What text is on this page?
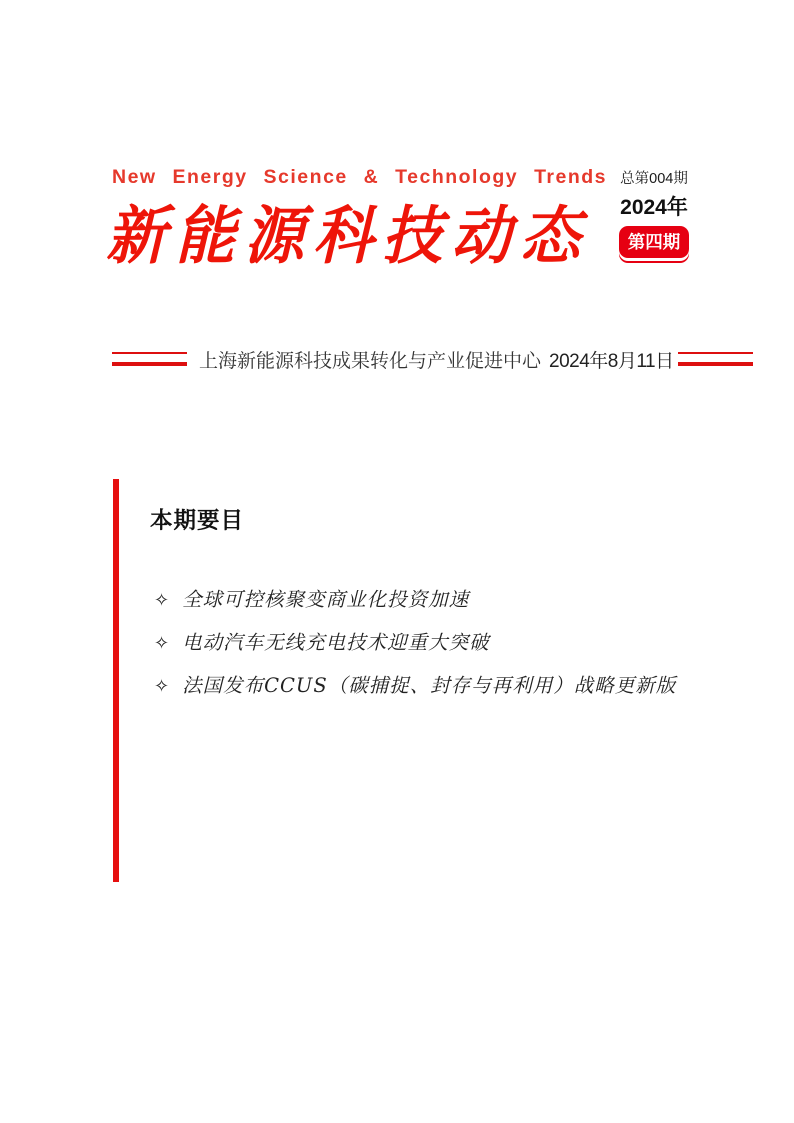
New Energy Science & Technology Trends
新能源科技动态
总第004期
2024年
第四期
上海新能源科技成果转化与产业促进中心 2024年8月11日
本期要目
✧ 全球可控核聚变商业化投资加速
✧ 电动汽车无线充电技术迎重大突破
✧ 法国发布CCUS（碳捕捉、封存与再利用）战略更新版
